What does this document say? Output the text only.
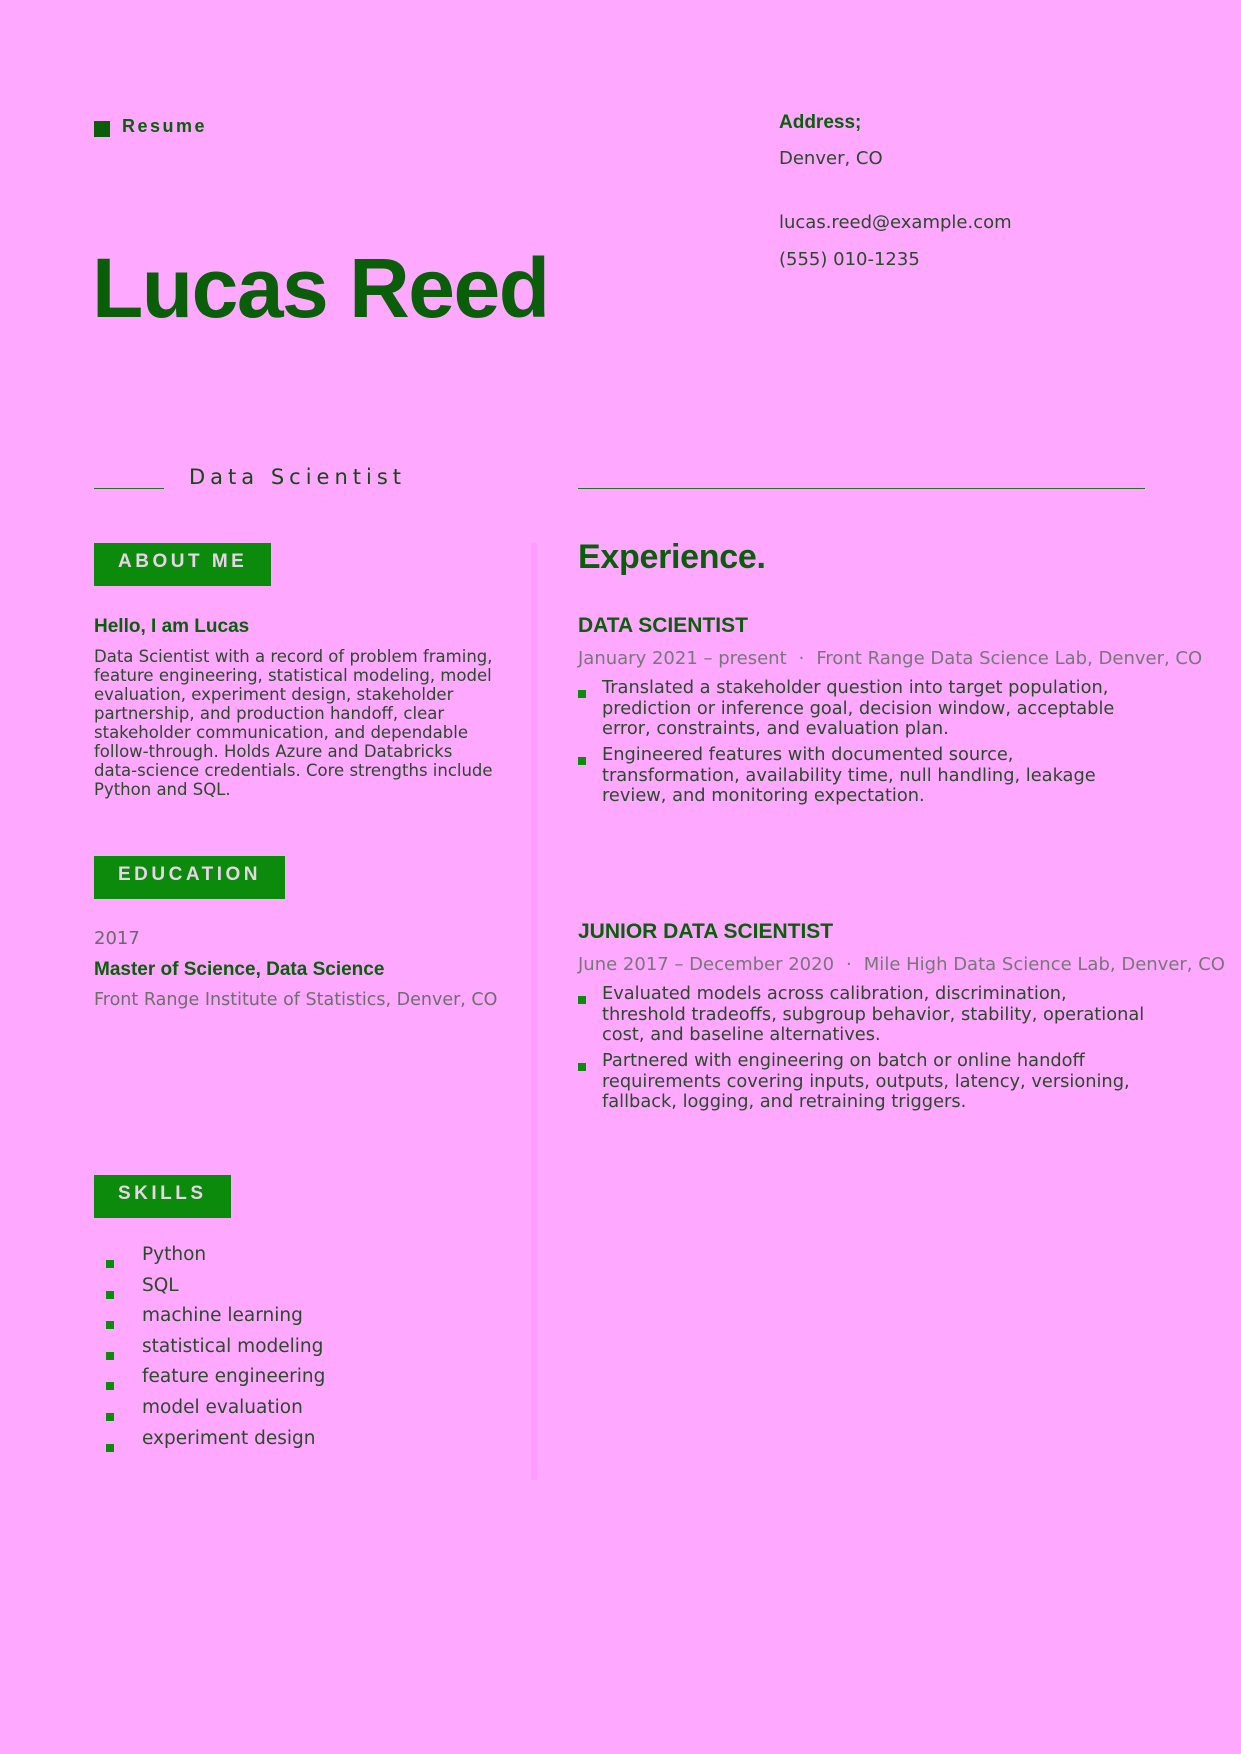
Resume
Lucas Reed
Address;
Denver, CO
lucas.reed@example.com
(555) 010-1235
Data Scientist
ABOUT ME
Hello, I am Lucas

Data Scientist with a record of problem framing, feature engineering, statistical modeling, model evaluation, experiment design, stakeholder partnership, and production handoff, clear stakeholder communication, and dependable follow-through. Holds Azure and Databricks data-science credentials. Core strengths include Python and SQL.

EDUCATION
2017
Master of Science, Data Science
Front Range Institute of Statistics, Denver, CO
SKILLS
Python
SQL
machine learning
statistical modeling
feature engineering
model evaluation
experiment design
Experience.
DATA SCIENTIST
January 2021 – present · Front Range Data Science Lab, Denver, CO
Translated a stakeholder question into target population, prediction or inference goal, decision window, acceptable error, constraints, and evaluation plan.
Engineered features with documented source, transformation, availability time, null handling, leakage review, and monitoring expectation.
JUNIOR DATA SCIENTIST
June 2017 – December 2020 · Mile High Data Science Lab, Denver, CO
Evaluated models across calibration, discrimination, threshold tradeoffs, subgroup behavior, stability, operational cost, and baseline alternatives.
Partnered with engineering on batch or online handoff requirements covering inputs, outputs, latency, versioning, fallback, logging, and retraining triggers.
